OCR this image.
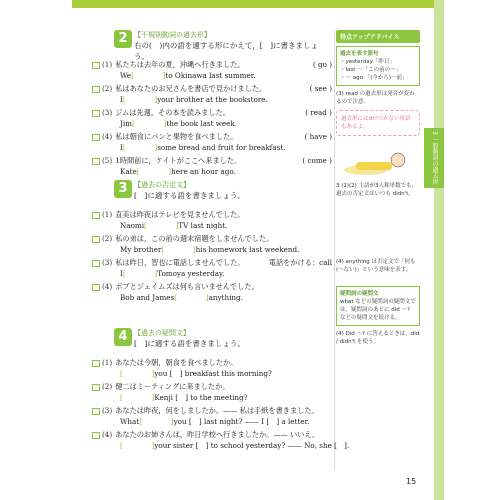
3 一般動詞の過去形
2 【不規則動詞の過去形】
右の(　)内の語を適する形にかえて，[　]に書きましょう。
(1) 私たちは去年の夏，沖縄へ行きました。	( go )
We[　　　　]to Okinawa last summer.
(2) 私はあなたのお兄さんを書店で見かけました。	( see )
I[　　　　]your brother at the bookstore.
(3) ジムは先週，その本を読みました。	( read )
Jim[　　　　]the book last week.
(4) 私は朝食にパンと果物を食べました。	( have )
I[　　　　]some bread and fruit for breakfast.
(5) 1時間前に，ケイトがここへ来ました。	( come )
Kate[　　　　]here an hour ago.
3 【過去の否定文】
[　]に適する語を書きましょう。
(1) 直美は昨夜はテレビを見ませんでした。
Naomi[　　　　]TV last night.
(2) 私の弟は，この前の週末宿題をしませんでした。
My brother[　　　　]his homework last weekend.
(3) 私は昨日，智也に電話しませんでした。	電話をかける：call
I[　　　　]Tomoya yesterday.
(4) ボブとジェイムズは何も言いませんでした。
Bob and James[　　　　]anything.
4 【過去の疑問文】
[　]に適する語を書きましょう。
(1) あなたは今朝，朝食を食べましたか。
[　　　　]you [　] breakfast this morning?
(2) 健二はミーティングに来ましたか。
[　　　　]Kenji [　] to the meeting?
(3) あなたは昨夜，何をしましたか。—— 私は手紙を書きました。
What[　　　　]you [　] last night? —— I [　] a letter.
(4) あなたのお姉さんは，昨日学校へ行きましたか。—— いいえ。
[　　　　]your sister [　] to school yesterday? —— No, she [　].
得点アップアドバイス
過去を表す語句
・yesterday「昨日」
・last ～「この前の～」
・～ ago 「(今から)～前」
(3) read の過去形は発音が変わるので注意。
過去形にはdがつかない単語もあるよ。
3 (1)(2) 主語が3人称単数でも，過去の否定文はいつも didn't。
(4) anything は否定文で「何も(〜ない)」という意味を表す。
疑問詞の疑問文
what などの疑問詞の疑問文では，疑問詞のあとに did ～? などの疑問文を続ける。
(4) Did ～? に答えるときは，did / didn't を使う。
15
